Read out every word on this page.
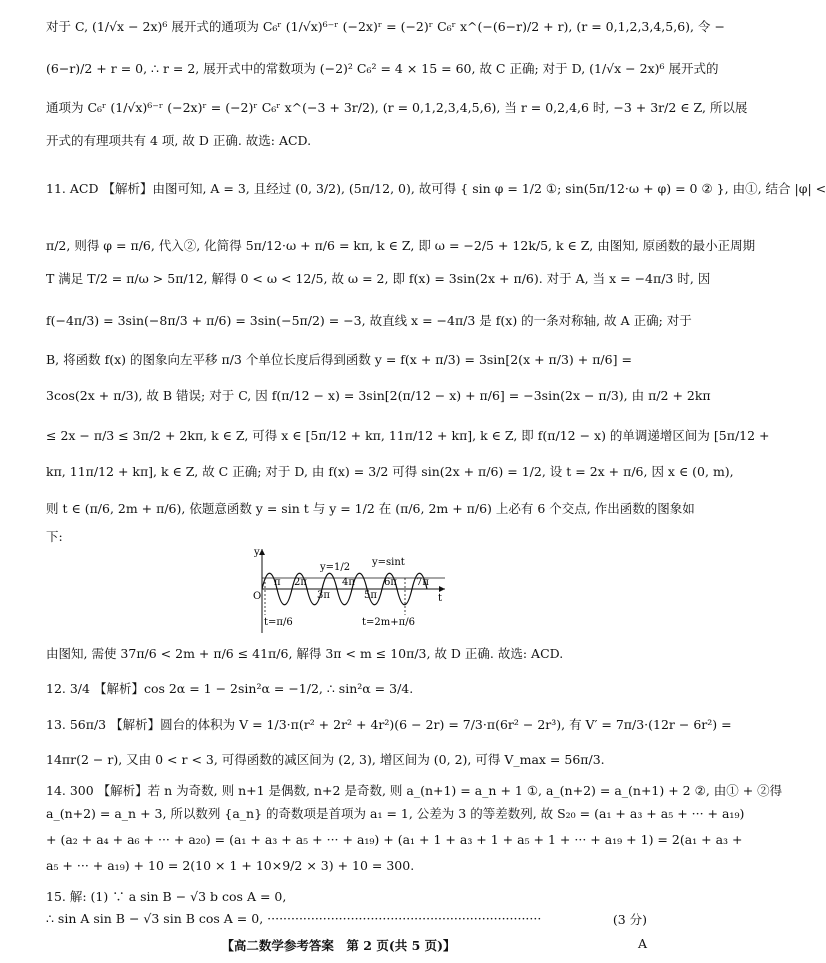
对于 C, (1/√x − 2x)⁶ 展开式的通项为 C₆ʳ (1/√x)⁶⁻ʳ (−2x)ʳ = (−2)ʳ C₆ʳ x^(−(6−r)/2 + r), (r = 0,1,2,3,4,5,6), 令 −
(6−r)/2 + r = 0, ∴ r = 2, 展开式中的常数项为 (−2)² C₆² = 4 × 15 = 60, 故 C 正确; 对于 D, (1/√x − 2x)⁶ 展开式的
通项为 C₆ʳ (1/√x)⁶⁻ʳ (−2x)ʳ = (−2)ʳ C₆ʳ x^(−3 + 3r/2), (r = 0,1,2,3,4,5,6), 当 r = 0,2,4,6 时, −3 + 3r/2 ∈ Z, 所以展
开式的有理项共有 4 项, 故 D 正确. 故选: ACD.
11. ACD 【解析】由图可知, A = 3, 且经过 (0, 3/2), (5π/12, 0), 故可得 { sin φ = 1/2 ①; sin(5π/12·ω + φ) = 0 ② }, 由①, 结合 |φ| <
π/2, 则得 φ = π/6, 代入②, 化简得 5π/12·ω + π/6 = kπ, k ∈ Z, 即 ω = −2/5 + 12k/5, k ∈ Z, 由图知, 原函数的最小正周期
T 满足 T/2 = π/ω > 5π/12, 解得 0 < ω < 12/5, 故 ω = 2, 即 f(x) = 3sin(2x + π/6). 对于 A, 当 x = −4π/3 时, 因
f(−4π/3) = 3sin(−8π/3 + π/6) = 3sin(−5π/2) = −3, 故直线 x = −4π/3 是 f(x) 的一条对称轴, 故 A 正确; 对于
B, 将函数 f(x) 的图象向左平移 π/3 个单位长度后得到函数 y = f(x + π/3) = 3sin[2(x + π/3) + π/6] =
3cos(2x + π/3), 故 B 错误; 对于 C, 因 f(π/12 − x) = 3sin[2(π/12 − x) + π/6] = −3sin(2x − π/3), 由 π/2 + 2kπ
≤ 2x − π/3 ≤ 3π/2 + 2kπ, k ∈ Z, 可得 x ∈ [5π/12 + kπ, 11π/12 + kπ], k ∈ Z, 即 f(π/12 − x) 的单调递增区间为 [5π/12 +
kπ, 11π/12 + kπ], k ∈ Z, 故 C 正确; 对于 D, 由 f(x) = 3/2 可得 sin(2x + π/6) = 1/2, 设 t = 2x + π/6, 因 x ∈ (0, m),
则 t ∈ (π/6, 2m + π/6), 依题意函数 y = sin t 与 y = 1/2 在 (π/6, 2m + π/6) 上必有 6 个交点, 作出函数的图象如
下:
y
t
O
y=1/2 y=sint
π 2π
3π
4π
5π
6π 7π
t=π/6	t=2m+π/6
由图知, 需使 37π/6 < 2m + π/6 ≤ 41π/6, 解得 3π < m ≤ 10π/3, 故 D 正确. 故选: ACD.
12. 3/4 【解析】cos 2α = 1 − 2sin²α = −1/2, ∴ sin²α = 3/4.
13. 56π/3 【解析】圆台的体积为 V = 1/3·π(r² + 2r² + 4r²)(6 − 2r) = 7/3·π(6r² − 2r³), 有 V′ = 7π/3·(12r − 6r²) =
14πr(2 − r), 又由 0 < r < 3, 可得函数的减区间为 (2, 3), 增区间为 (0, 2), 可得 V_max = 56π/3.
14. 300 【解析】若 n 为奇数, 则 n+1 是偶数, n+2 是奇数, 则 a_(n+1) = a_n + 1 ①, a_(n+2) = a_(n+1) + 2 ②, 由① + ②得
a_(n+2) = a_n + 3, 所以数列 {a_n} 的奇数项是首项为 a₁ = 1, 公差为 3 的等差数列, 故 S₂₀ = (a₁ + a₃ + a₅ + ··· + a₁₉)
+ (a₂ + a₄ + a₆ + ··· + a₂₀) = (a₁ + a₃ + a₅ + ··· + a₁₉) + (a₁ + 1 + a₃ + 1 + a₅ + 1 + ··· + a₁₉ + 1) = 2(a₁ + a₃ +
a₅ + ··· + a₁₉) + 10 = 2(10 × 1 + 10×9/2 × 3) + 10 = 300.
15. 解: (1) ∵ a sin B − √3 b cos A = 0,
∴ sin A sin B − √3 sin B cos A = 0, ·····································································	(3 分)
【高二数学参考答案　第 2 页(共 5 页)】	A
